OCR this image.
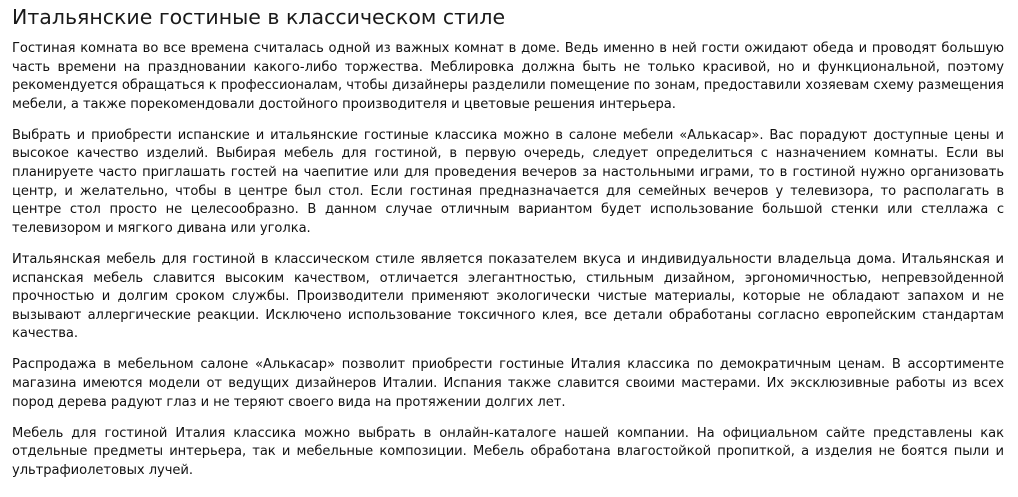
Итальянские гостиные в классическом стиле

Гостиная комната во все времена считалась одной из важных комнат в доме. Ведь именно в ней гости ожидают обеда и проводят большую часть времени на праздновании какого-либо торжества. Меблировка должна быть не только красивой, но и функциональной, поэтому рекомендуется обращаться к профессионалам, чтобы дизайнеры разделили помещение по зонам, предоставили хозяевам схему размещения мебели, а также порекомендовали достойного производителя и цветовые решения интерьера.

Выбрать и приобрести испанские и итальянские гостиные классика можно в салоне мебели «Алькасар». Вас порадуют доступные цены и высокое качество изделий. Выбирая мебель для гостиной, в первую очередь, следует определиться с назначением комнаты. Если вы планируете часто приглашать гостей на чаепитие или для проведения вечеров за настольными играми, то в гостиной нужно организовать центр, и желательно, чтобы в центре был стол. Если гостиная предназначается для семейных вечеров у телевизора, то располагать в центре стол просто не целесообразно. В данном случае отличным вариантом будет использование большой стенки или стеллажа с телевизором и мягкого дивана или уголка.

Итальянская мебель для гостиной в классическом стиле является показателем вкуса и индивидуальности владельца дома. Итальянская и испанская мебель славится высоким качеством, отличается элегантностью, стильным дизайном, эргономичностью, непревзойденной прочностью и долгим сроком службы. Производители применяют экологически чистые материалы, которые не обладают запахом и не вызывают аллергические реакции. Исключено использование токсичного клея, все детали обработаны согласно европейским стандартам качества.

Распродажа в мебельном салоне «Алькасар» позволит приобрести гостиные Италия классика по демократичным ценам. В ассортименте магазина имеются модели от ведущих дизайнеров Италии. Испания также славится своими мастерами. Их эксклюзивные работы из всех пород дерева радуют глаз и не теряют своего вида на протяжении долгих лет.

Мебель для гостиной Италия классика можно выбрать в онлайн-каталоге нашей компании. На официальном сайте представлены как отдельные предметы интерьера, так и мебельные композиции. Мебель обработана влагостойкой пропиткой, а изделия не боятся пыли и ультрафиолетовых лучей.
